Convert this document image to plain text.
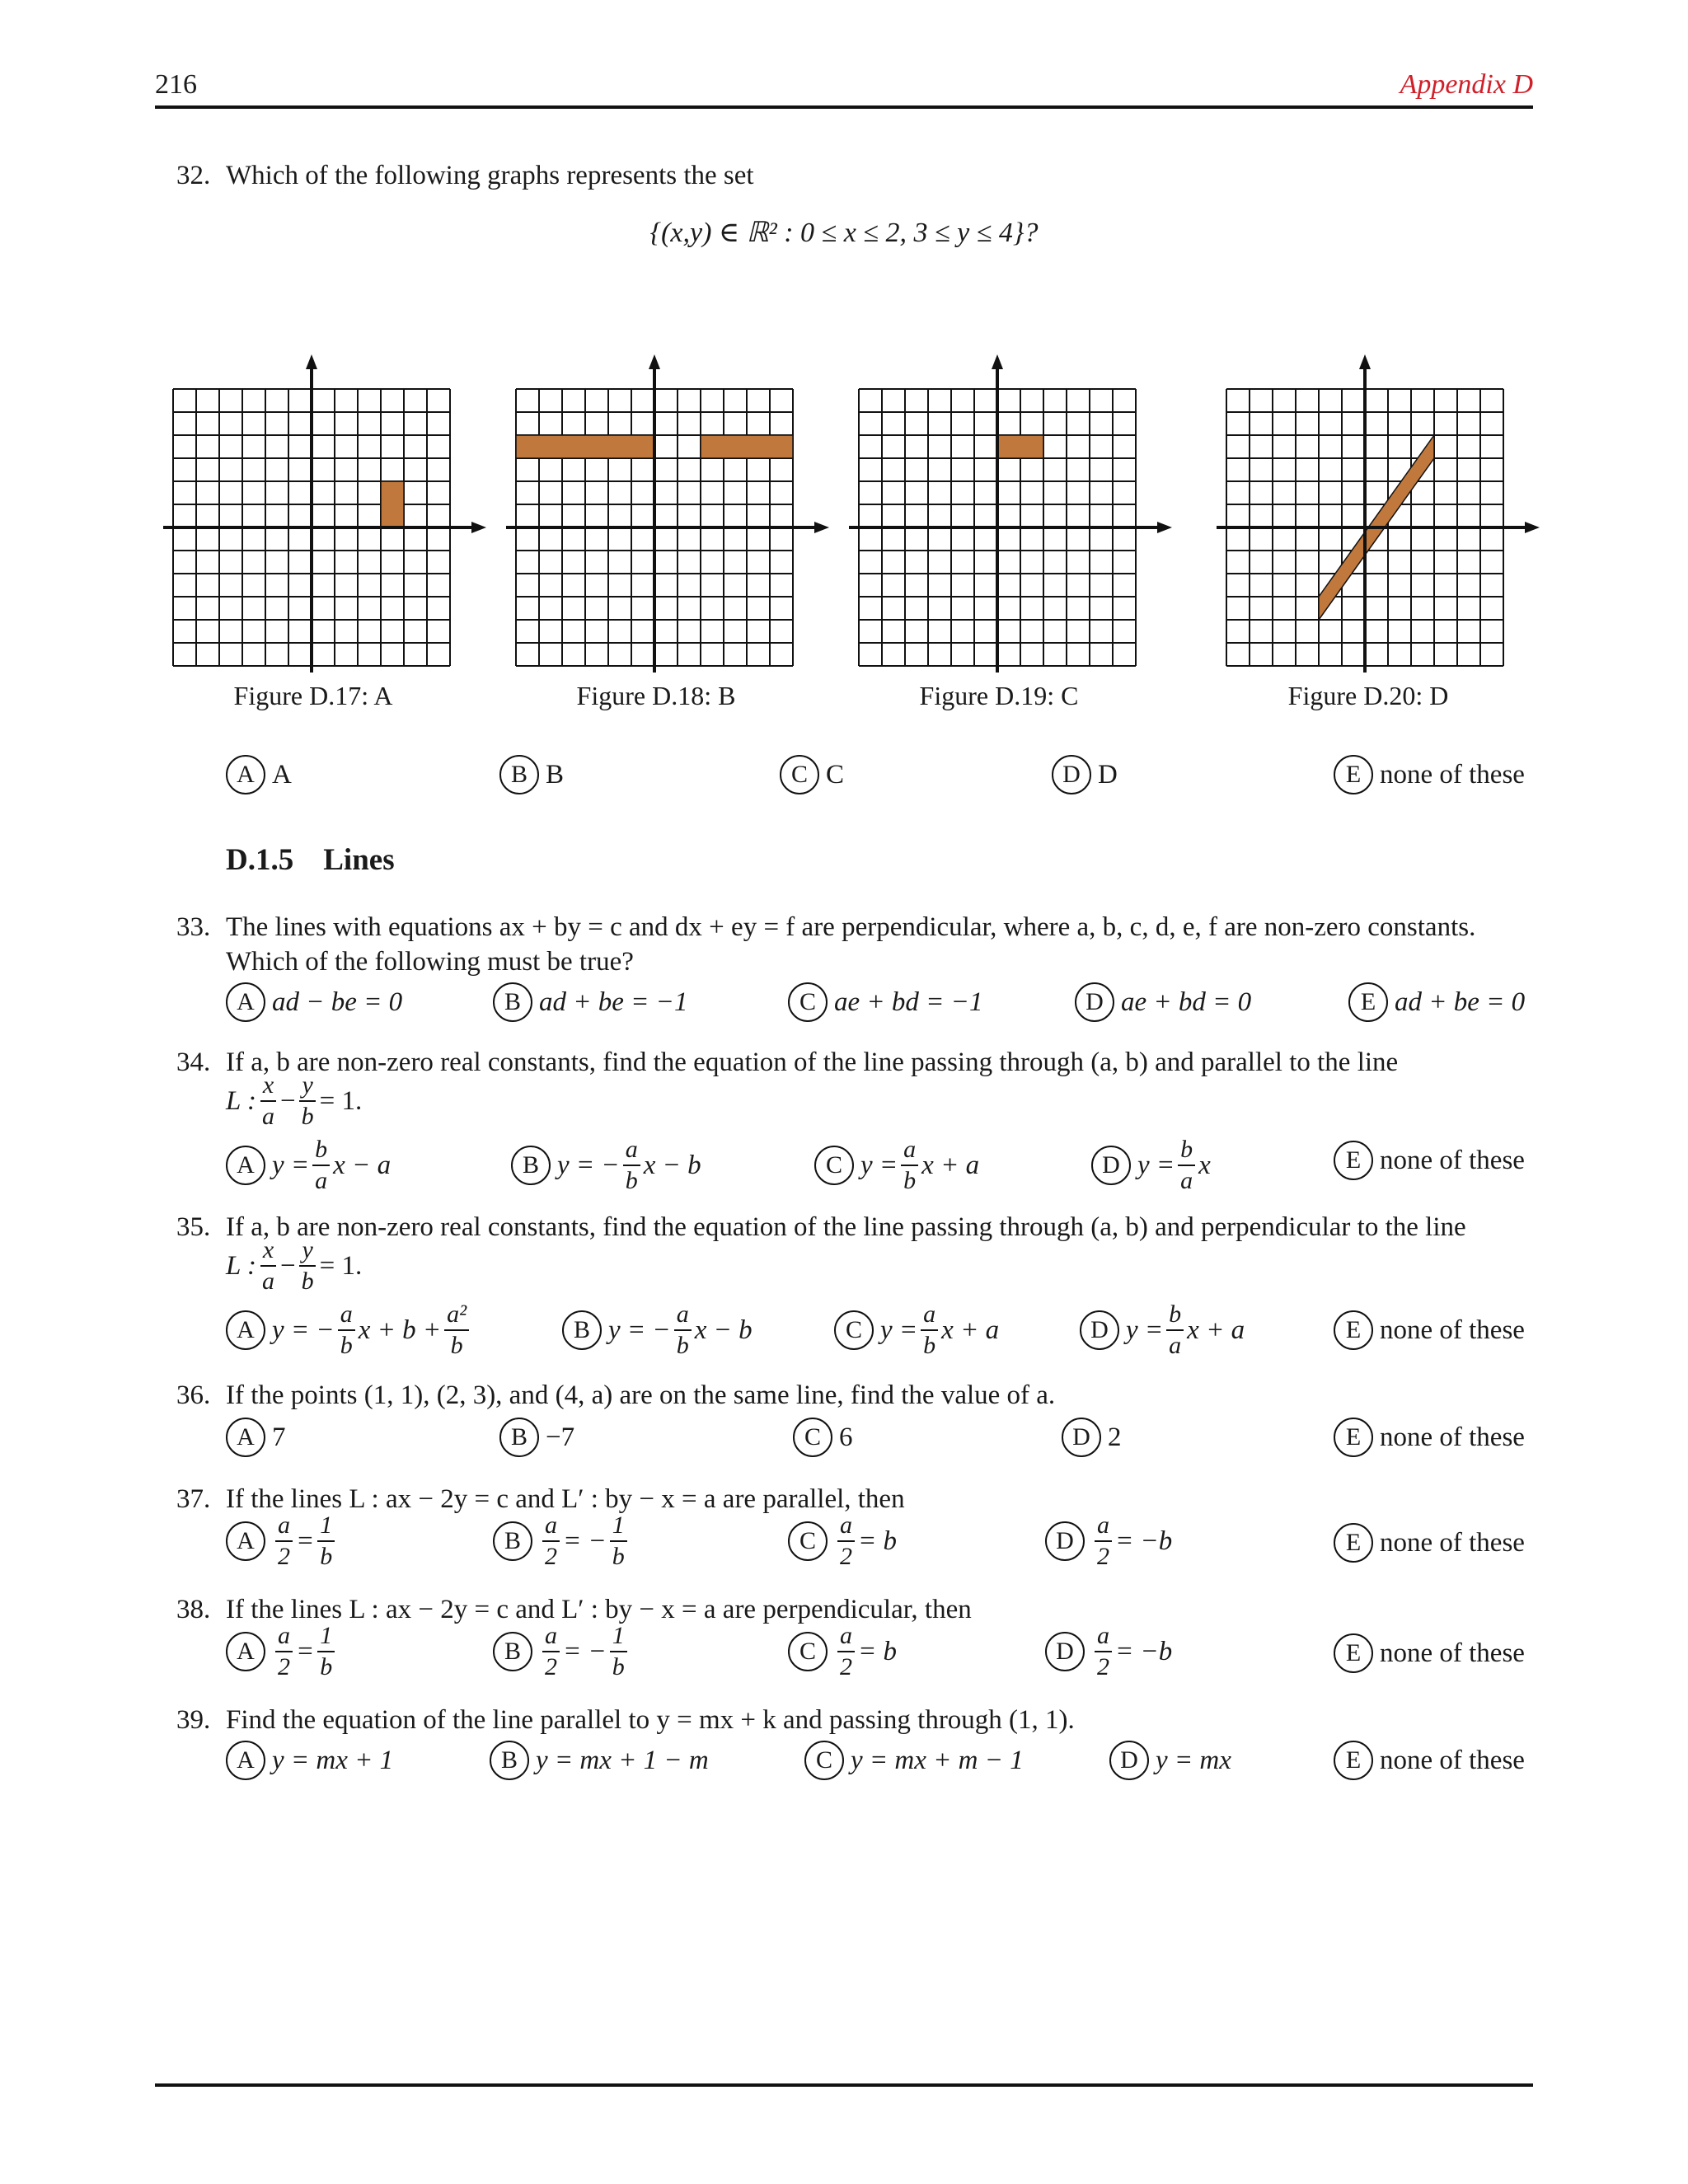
216	Appendix D
32. Which of the following graphs represents the set
{(x,y) ∈ ℝ² : 0 ≤ x ≤ 2, 3 ≤ y ≤ 4}?
Figure D.17: A	Figure D.18: B	Figure D.19: C	Figure D.20: D
A A	B B	C C	D D	E none of these
D.1.5 Lines
33. The lines with equations ax + by = c and dx + ey = f are perpendicular, where a, b, c, d, e, f are non-zero constants.
Which of the following must be true?
A ad − be = 0	B ad + be = −1	C ae + bd = −1	D ae + bd = 0	E ad + be = 0
34. If a, b are non-zero real constants, find the equation of the line passing through (a, b) and parallel to the line
L : $\frac{x}{a} - \frac{y}{b} = 1$.
A $y = \frac{b}{a}$ x − a	B y = − $\frac{a}{b}$ x − b	C $y = \frac{a}{b}$ x + a	D $y = \frac{b}{a}$ x	E none of these
35. If a, b are non-zero real constants, find the equation of the line passing through (a, b) and perpendicular to the line
L : $\frac{x}{a} - \frac{y}{b} = 1$.
A y = − $\frac{a}{b}$ $x + b + \frac{\text{a²}}{b}$	B y = − $\frac{a}{b}$ x − b	C $y = \frac{a}{b}$ x + a	D $y = \frac{b}{a}$ x + a	E none of these
36. If the points (1, 1), (2, 3), and (4, a) are on the same line, find the value of a.
A 7	B −7	C 6	D 2	E none of these
37. If the lines L : ax − 2y = c and L′ : by − x = a are parallel, then
A $\frac{a}{2} = \frac{1}{b}$	B $\frac{a}{2}$ = − $\frac{1}{b}$	C $\frac{a}{2} = b$	D $\frac{a}{2} = -b$	E none of these
38. If the lines L : ax − 2y = c and L′ : by − x = a are perpendicular, then
A $\frac{a}{2} = \frac{1}{b}$	B $\frac{a}{2}$ = − $\frac{1}{b}$	C $\frac{a}{2} = b$	D $\frac{a}{2} = -b$	E none of these
39. Find the equation of the line parallel to y = mx + k and passing through (1, 1).
A y = mx + 1	B y = mx + 1 − m	C y = mx + m − 1	D y = mx	E none of these
